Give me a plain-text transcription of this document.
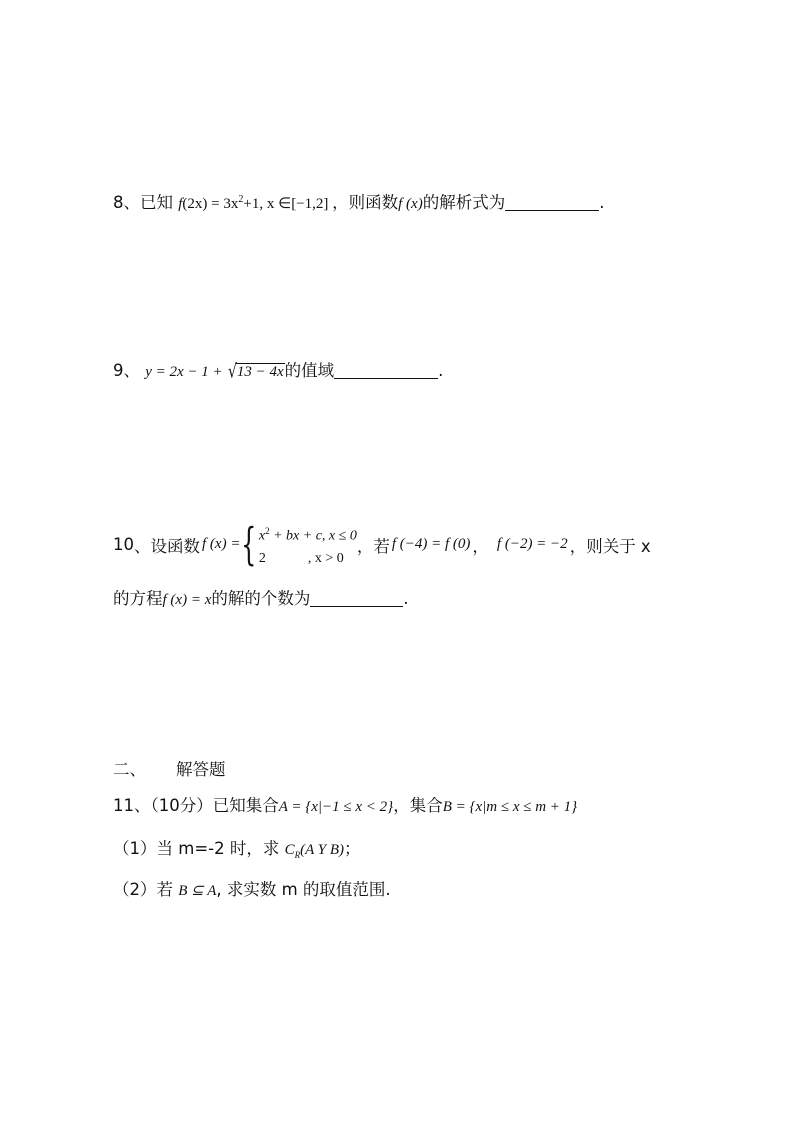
8、已知 $f(2x) = 3x^2+1$, x ∈[−1,2] ，则函数f (x)的解析式为	.
9、 y = 2x − 1 + √13 − 4x的值域	.
10 、 设函数 f (x) = { $x^2$ + bx + c, x ≤ 0
2            , x > 0
， 若 f (−4) = f (0) ， f (−2) = −2 ， 则关于 x
的方程f (x) = x的解的个数为	.
二、 解答题
11、（10分）已知集合A = {x|−1 ≤ x < 2}，集合B = {x|m ≤ x ≤ m + 1}
（1）当 m=-2 时，求 $C_R(A$ Y B)；
（2）若 B ⊆ A, 求实数 m 的取值范围.
